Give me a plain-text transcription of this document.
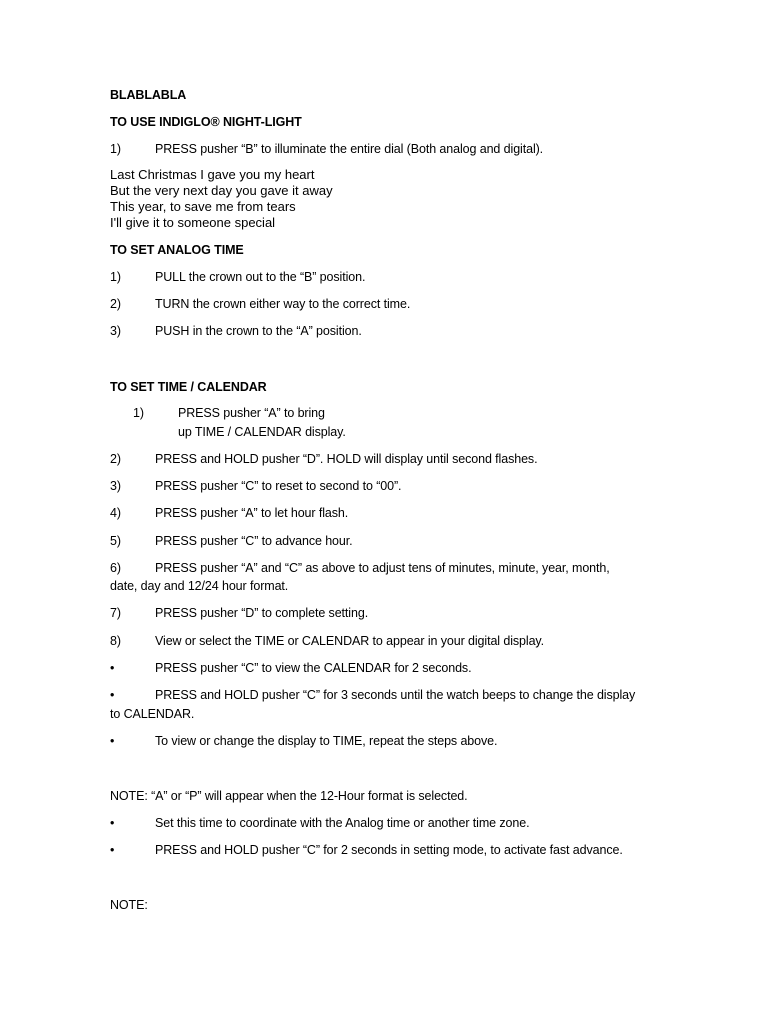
BLABLABLA

TO USE INDIGLO® NIGHT-LIGHT

1)	PRESS pusher “B” to illuminate the entire dial (Both analog and digital).

Last Christmas I gave you my heart

But the very next day you gave it away

This year, to save me from tears

I'll give it to someone special

TO SET ANALOG TIME

1)	PULL the crown out to the “B” position.
2)	TURN the crown either way to the correct time.
3)	PUSH in the crown to the “A” position.

TO SET TIME / CALENDAR

1)	PRESS pusher “A” to bring

up TIME / CALENDAR display.

2)	PRESS and HOLD pusher “D”. HOLD will display until second flashes.
3)	PRESS pusher “C” to reset to second to “00”.
4)	PRESS pusher “A” to let hour flash.
5)	PRESS pusher “C” to advance hour.
6)	PRESS pusher “A” and “C” as above to adjust tens of minutes, minute, year, month,

date, day and 12/24 hour format.

7)	PRESS pusher “D” to complete setting.
8)	View or select the TIME or CALENDAR to appear in your digital display.
•	PRESS pusher “C” to view the CALENDAR for 2 seconds.
•	PRESS and HOLD pusher “C” for 3 seconds until the watch beeps to change the display

to CALENDAR.

•	To view or change the display to TIME, repeat the steps above.

NOTE: “A” or “P” will appear when the 12-Hour format is selected.

•	Set this time to coordinate with the Analog time or another time zone.
•	PRESS and HOLD pusher “C” for 2 seconds in setting mode, to activate fast advance.

NOTE:
